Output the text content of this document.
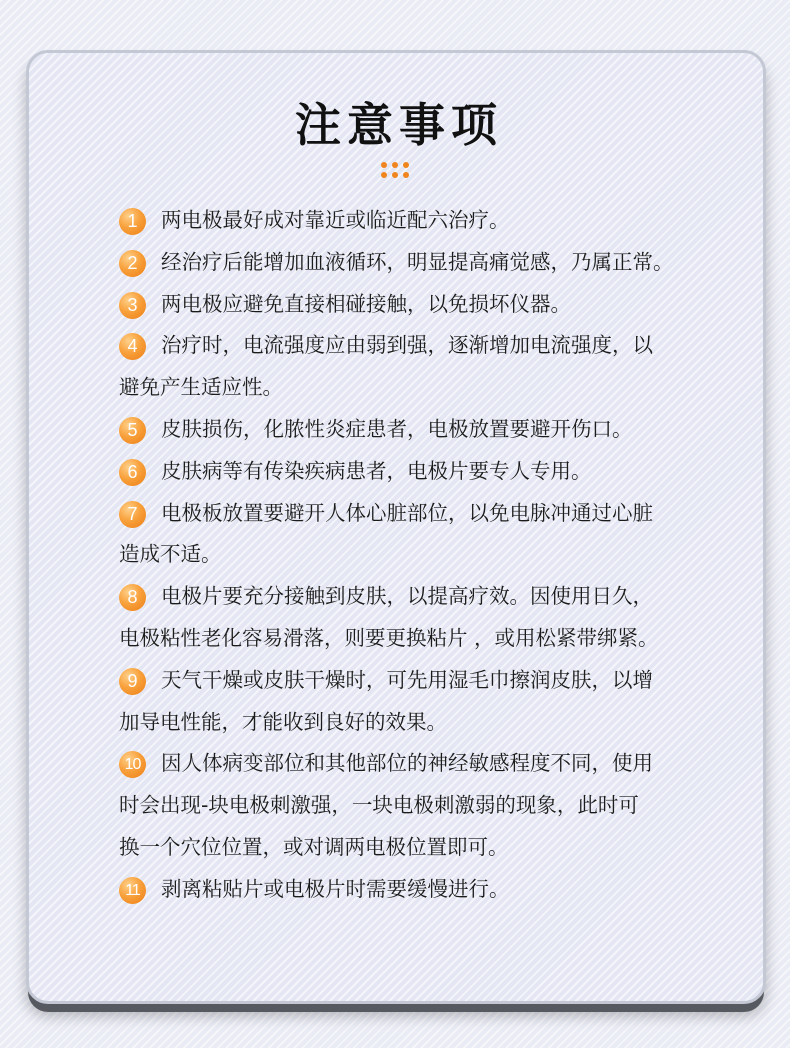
注意事项
1	两电极最好成对靠近或临近配六治疗。
2	经治疗后能增加血液循环，明显提高痛觉感，乃属正常。
3	两电极应避免直接相碰接触，以免损坏仪器。
4	治疗时，电流强度应由弱到强，逐渐增加电流强度，以
避免产生适应性。
5	皮肤损伤，化脓性炎症患者，电极放置要避开伤口。
6	皮肤病等有传染疾病患者，电极片要专人专用。
7	电极板放置要避开人体心脏部位，以免电脉冲通过心脏
造成不适。
8	电极片要充分接触到皮肤，以提高疗效。因使用日久，
电极粘性老化容易滑落，则要更换粘片 ，或用松紧带绑紧。
9	天气干燥或皮肤干燥时，可先用湿毛巾擦润皮肤，以增
加导电性能，才能收到良好的效果。
10	因人体病变部位和其他部位的神经敏感程度不同，使用
时会出现-块电极刺激强，一块电极刺激弱的现象，此时可
换一个穴位位置，或对调两电极位置即可。
11	剥离粘贴片或电极片时需要缓慢进行。
